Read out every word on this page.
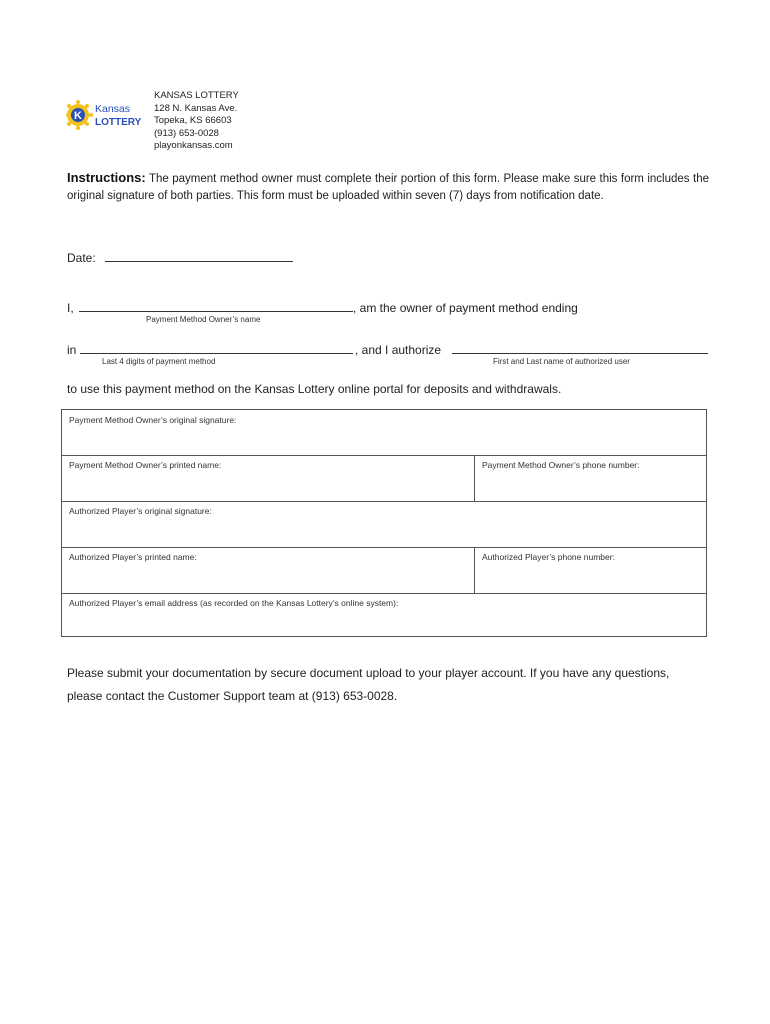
K
Kansas
LOTTERY
KANSAS LOTTERY
128 N. Kansas Ave.
Topeka, KS 66603
(913) 653-0028
playonkansas.com
Instructions: The payment method owner must complete their portion of this form. Please make sure this form includes the original signature of both parties. This form must be uploaded within seven (7) days from notification date.
Date:
I,	, am the owner of payment method ending
Payment Method Owner’s name
in	, and I authorize
Last 4 digits of payment method	First and Last name of authorized user
to use this payment method on the Kansas Lottery online portal for deposits and withdrawals.
Payment Method Owner’s original signature:
Payment Method Owner’s printed name:	Payment Method Owner’s phone number:
Authorized Player’s original signature:
Authorized Player’s printed name:	Authorized Player’s phone number:
Authorized Player’s email address (as recorded on the Kansas Lottery’s online system):
Please submit your documentation by secure document upload to your player account. If you have any questions, please contact the Customer Support team at (913) 653-0028.
